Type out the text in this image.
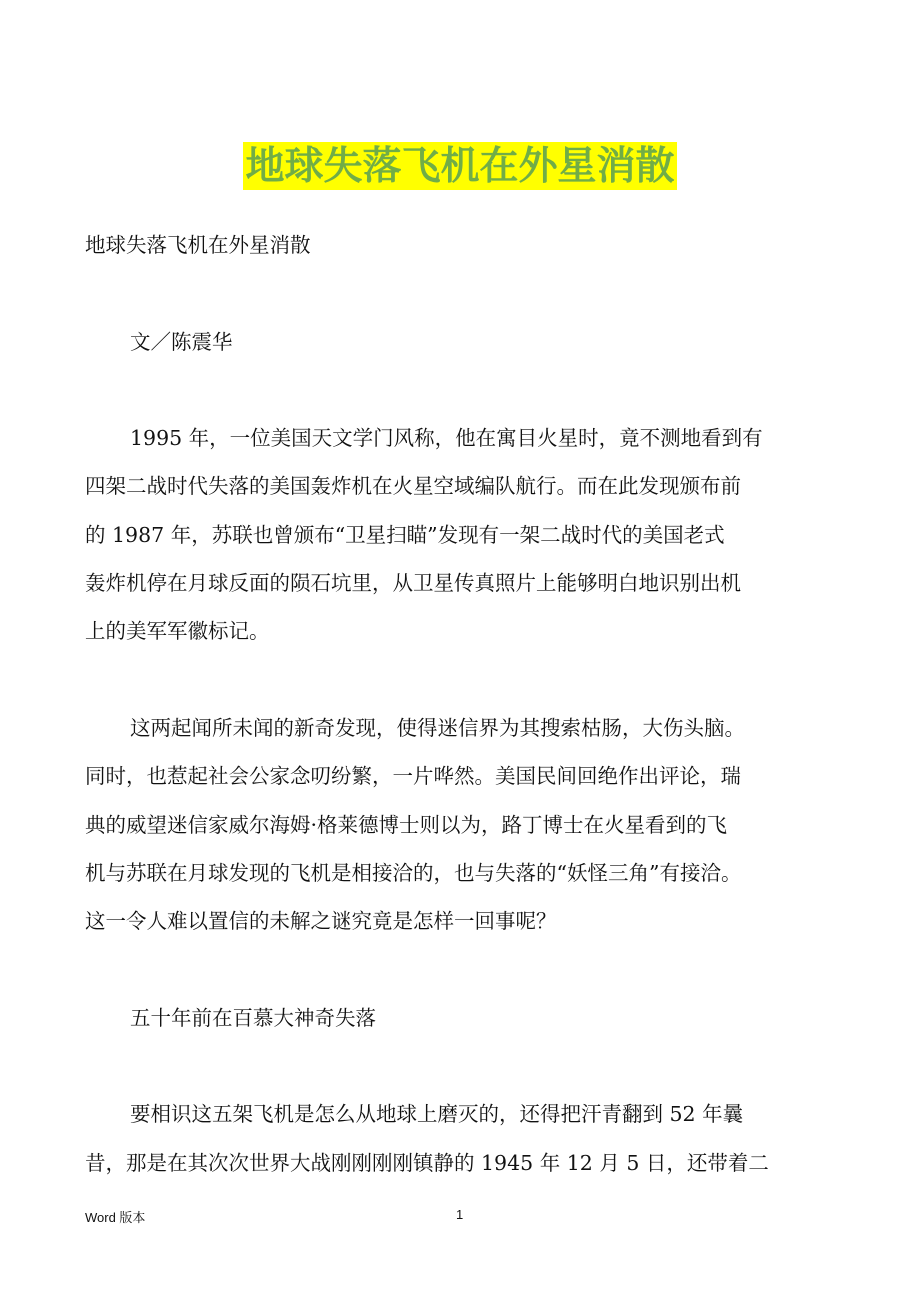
地球失落飞机在外星消散
地球失落飞机在外星消散
文／陈震华
1995 年，一位美国天文学门风称，他在寓目火星时，竟不测地看到有
四架二战时代失落的美国轰炸机在火星空域编队航行。而在此发现颁布前
的 1987 年，苏联也曾颁布“卫星扫瞄”发现有一架二战时代的美国老式
轰炸机停在月球反面的陨石坑里，从卫星传真照片上能够明白地识别出机
上的美军军徽标记。
这两起闻所未闻的新奇发现，使得迷信界为其搜索枯肠，大伤头脑。
同时，也惹起社会公家念叨纷繁，一片哗然。美国民间回绝作出评论，瑞
典的威望迷信家威尔海姆·格莱德博士则以为，路丁博士在火星看到的飞
机与苏联在月球发现的飞机是相接洽的，也与失落的“妖怪三角”有接洽。
这一令人难以置信的未解之谜究竟是怎样一回事呢？
五十年前在百慕大神奇失落
要相识这五架飞机是怎么从地球上磨灭的，还得把汗青翻到 52 年曩
昔，那是在其次次世界大战刚刚刚刚镇静的 1945 年 12 月 5 日，还带着二
Word 版本	1
